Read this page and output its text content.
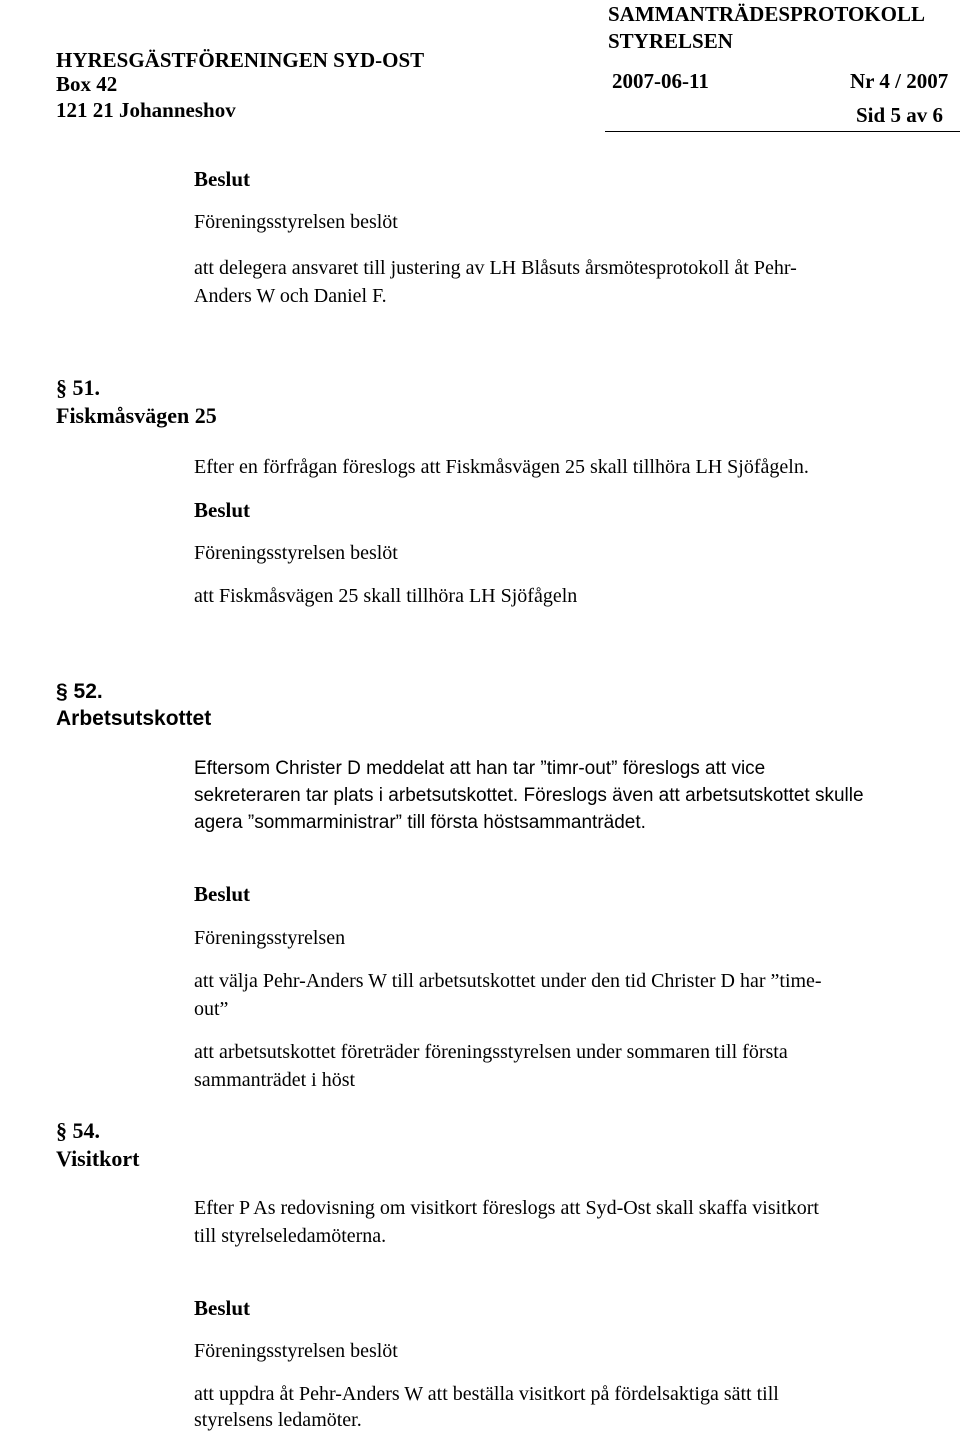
SAMMANTRÄDESPROTOKOLL
STYRELSEN
HYRESGÄSTFÖRENINGEN SYD-OST
Box 42	2007-06-11	Nr 4 / 2007
121 21 Johanneshov	Sid 5 av 6
Beslut
Föreningsstyrelsen beslöt
att delegera ansvaret till justering av LH Blåsuts årsmötesprotokoll åt Pehr-
Anders W och Daniel F.
§ 51.
Fiskmåsvägen 25
Efter en förfrågan föreslogs att Fiskmåsvägen 25 skall tillhöra LH Sjöfågeln.
Beslut
Föreningsstyrelsen beslöt
att Fiskmåsvägen 25 skall tillhöra LH Sjöfågeln
§ 52.
Arbetsutskottet
Eftersom Christer D meddelat att han tar ”timr-out” föreslogs att vice
sekreteraren tar plats i arbetsutskottet. Föreslogs även att arbetsutskottet skulle
agera ”sommarministrar” till första höstsammanträdet.
Beslut
Föreningsstyrelsen
att välja Pehr-Anders W till arbetsutskottet under den tid Christer D har ”time-
out”
att arbetsutskottet företräder föreningsstyrelsen under sommaren till första
sammanträdet i höst
§ 54.
Visitkort
Efter P As redovisning om visitkort föreslogs att Syd-Ost skall skaffa visitkort
till styrelseledamöterna.
Beslut
Föreningsstyrelsen beslöt
att uppdra åt Pehr-Anders W att beställa visitkort på fördelsaktiga sätt till
styrelsens ledamöter.
